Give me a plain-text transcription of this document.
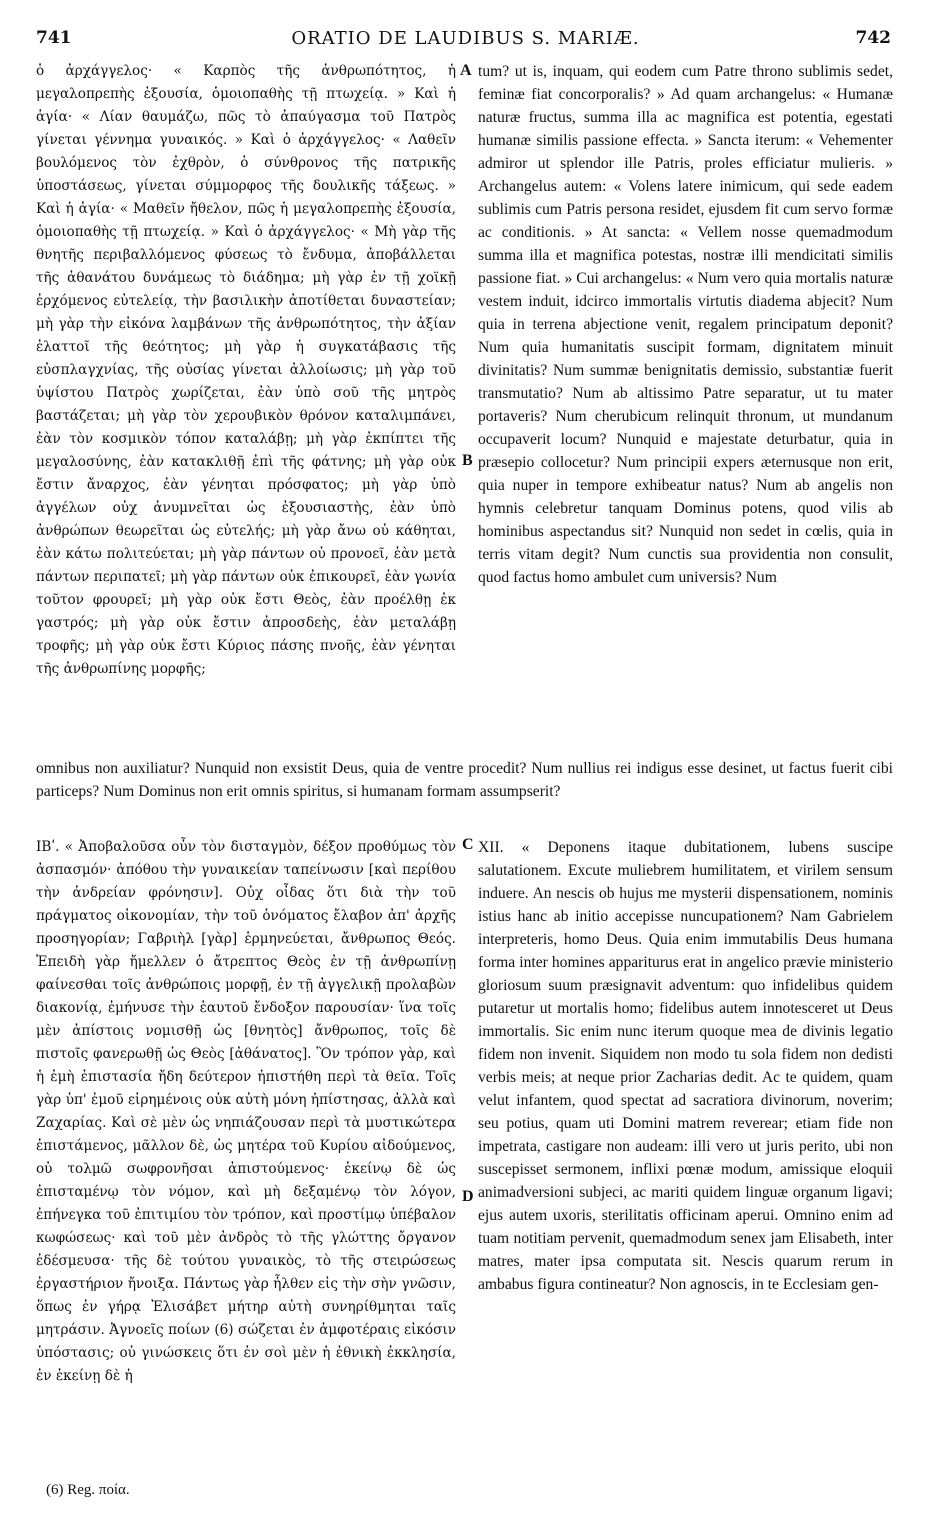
741	ORATIO DE LAUDIBUS S. MARIÆ.	742

ὁ ἀρχάγγελος· « Καρπὸς τῆς ἀνθρωπότητος, ἡ μεγαλοπρεπὴς ἐξουσία, ὁμοιοπαθὴς τῇ πτωχείᾳ. » Καὶ ἡ ἁγία· « Λίαν θαυμάζω, πῶς τὸ ἀπαύγασμα τοῦ Πατρὸς γίνεται γέννημα γυναικός. » Καὶ ὁ ἀρχάγγελος· « Λαθεῖν βουλόμενος τὸν ἐχθρὸν, ὁ σύνθρονος τῆς πατρικῆς ὑποστάσεως, γίνεται σύμμορφος τῆς δουλικῆς τάξεως. » Καὶ ἡ ἁγία· « Μαθεῖν ἤθελον, πῶς ἡ μεγαλοπρεπὴς ἐξουσία, ὁμοιοπαθὴς τῇ πτωχείᾳ. » Καὶ ὁ ἀρχάγγελος· « Μὴ γὰρ τῆς θνητῆς περιβαλλόμενος φύσεως τὸ ἔνδυμα, ἀποβάλλεται τῆς ἀθανάτου δυνάμεως τὸ διάδημα; μὴ γὰρ ἐν τῇ χοϊκῇ ἐρχόμενος εὐτελείᾳ, τὴν βασιλικὴν ἀποτίθεται δυναστείαν; μὴ γὰρ τὴν εἰκόνα λαμβάνων τῆς ἀνθρωπότητος, τὴν ἀξίαν ἐλαττοῖ τῆς θεότητος; μὴ γὰρ ἡ συγκατάβασις τῆς εὐσπλαγχνίας, τῆς οὐσίας γίνεται ἀλλοίωσις; μὴ γὰρ τοῦ ὑψίστου Πατρὸς χωρίζεται, ἐὰν ὑπὸ σοῦ τῆς μητρὸς βαστάζεται; μὴ γὰρ τὸν χερουβικὸν θρόνον καταλιμπάνει, ἐὰν τὸν κοσμικὸν τόπον καταλάβῃ; μὴ γὰρ ἐκπίπτει τῆς μεγαλοσύνης, ἐὰν κατακλιθῇ ἐπὶ τῆς φάτνης; μὴ γὰρ οὐκ ἔστιν ἄναρχος, ἐὰν γένηται πρόσφατος; μὴ γὰρ ὑπὸ ἀγγέλων οὐχ ἀνυμνεῖται ὡς ἐξουσιαστὴς, ἐὰν ὑπὸ ἀνθρώπων θεωρεῖται ὡς εὐτελής; μὴ γὰρ ἄνω οὐ κάθηται, ἐὰν κάτω πολιτεύεται; μὴ γὰρ πάντων οὐ προνοεῖ, ἐὰν μετὰ πάντων περιπατεῖ; μὴ γὰρ πάντων οὐκ ἐπικουρεῖ, ἐὰν γωνία τοῦτον φρουρεῖ; μὴ γὰρ οὐκ ἔστι Θεὸς, ἐὰν προέλθῃ ἐκ γαστρός; μὴ γὰρ οὐκ ἔστιν ἀπροσδεὴς, ἐὰν μεταλάβῃ τροφῆς; μὴ γὰρ οὐκ ἔστι Κύριος πάσης πνοῆς, ἐὰν γένηται τῆς ἀνθρωπίνης μορφῆς;

tum? ut is, inquam, qui eodem cum Patre throno sublimis sedet, feminæ fiat concorporalis? » Ad quam archangelus: « Humanæ naturæ fructus, summa illa ac magnifica est potentia, egestati humanæ similis passione effecta. » Sancta iterum: « Vehementer admiror ut splendor ille Patris, proles efficiatur mulieris. » Archangelus autem: « Volens latere inimicum, qui sede eadem sublimis cum Patris persona residet, ejusdem fit cum servo formæ ac conditionis. » At sancta: « Vellem nosse quemadmodum summa illa et magnifica potestas, nostræ illi mendicitati similis passione fiat. » Cui archangelus: « Num vero quia mortalis naturæ vestem induit, idcirco immortalis virtutis diadema abjecit? Num quia in terrena abjectione venit, regalem principatum deponit? Num quia humanitatis suscipit formam, dignitatem minuit divinitatis? Num summæ benignitatis demissio, substantiæ fuerit transmutatio? Num ab altissimo Patre separatur, ut tu mater portaveris? Num cherubicum relinquit thronum, ut mundanum occupaverit locum? Nunquid e majestate deturbatur, quia in præsepio collocetur? Num principii expers æternusque non erit, quia nuper in tempore exhibeatur natus? Num ab angelis non hymnis celebretur tanquam Dominus potens, quod vilis ab hominibus aspectandus sit? Nunquid non sedet in cœlis, quia in terris vitam degit? Num cunctis sua providentia non consulit, quod factus homo ambulet cum universis? Num

A
B
omnibus non auxiliatur? Nunquid non exsistit Deus, quia de ventre procedit? Num nullius rei indigus esse desinet, ut factus fuerit cibi particeps? Num Dominus non erit omnis spiritus, si humanam formam assumpserit?

ΙΒʹ. « Ἀποβαλοῦσα οὖν τὸν δισταγμὸν, δέξον προθύμως τὸν ἀσπασμόν· ἀπόθου τὴν γυναικείαν ταπείνωσιν [καὶ περίθου τὴν ἀνδρείαν φρόνησιν]. Οὐχ οἶδας ὅτι διὰ τὴν τοῦ πράγματος οἰκονομίαν, τὴν τοῦ ὀνόματος ἔλαβον ἀπ' ἀρχῆς προσηγορίαν; Γαβριὴλ [γὰρ] ἑρμηνεύεται, ἄνθρωπος Θεός. Ἐπειδὴ γὰρ ἤμελλεν ὁ ἄτρεπτος Θεὸς ἐν τῇ ἀνθρωπίνῃ φαίνεσθαι τοῖς ἀνθρώποις μορφῇ, ἐν τῇ ἀγγελικῇ προλαβὼν διακονίᾳ, ἐμήνυσε τὴν ἑαυτοῦ ἔνδοξον παρουσίαν· ἵνα τοῖς μὲν ἀπίστοις νομισθῇ ὡς [θνητὸς] ἄνθρωπος, τοῖς δὲ πιστοῖς φανερωθῇ ὡς Θεὸς [ἀθάνατος]. Ὃν τρόπον γὰρ, καὶ ἡ ἐμὴ ἐπιστασία ἤδη δεύτερον ἠπιστήθη περὶ τὰ θεῖα. Τοῖς γὰρ ὑπ' ἐμοῦ εἰρημένοις οὐκ αὐτὴ μόνη ἠπίστησας, ἀλλὰ καὶ Ζαχαρίας. Καὶ σὲ μὲν ὡς νηπιάζουσαν περὶ τὰ μυστικώτερα ἐπιστάμενος, μᾶλλον δὲ, ὡς μητέρα τοῦ Κυρίου αἰδούμενος, οὐ τολμῶ σωφρονῆσαι ἀπιστούμενος· ἐκείνῳ δὲ ὡς ἐπισταμένῳ τὸν νόμον, καὶ μὴ δεξαμένῳ τὸν λόγον, ἐπήνεγκα τοῦ ἐπιτιμίου τὸν τρόπον, καὶ προστίμῳ ὑπέβαλον κωφώσεως· καὶ τοῦ μὲν ἀνδρὸς τὸ τῆς γλώττης ὄργανον ἐδέσμευσα· τῆς δὲ τούτου γυναικὸς, τὸ τῆς στειρώσεως ἐργαστήριον ἤνοιξα. Πάντως γὰρ ἦλθεν εἰς τὴν σὴν γνῶσιν, ὅπως ἐν γήρᾳ Ἐλισάβετ μήτηρ αὐτὴ συνηρίθμηται ταῖς μητράσιν. Ἀγνοεῖς ποίων (6) σώζεται ἐν ἀμφοτέραις εἰκόσιν ὑπόστασις; οὐ γινώσκεις ὅτι ἐν σοὶ μὲν ἡ ἐθνικὴ ἐκκλησία, ἐν ἐκείνῃ δὲ ἡ

XII. « Deponens itaque dubitationem, lubens suscipe salutationem. Excute muliebrem humilitatem, et virilem sensum induere. An nescis ob hujus me mysterii dispensationem, nominis istius hanc ab initio accepisse nuncupationem? Nam Gabrielem interpreteris, homo Deus. Quia enim immutabilis Deus humana forma inter homines appariturus erat in angelico prævie ministerio gloriosum suum præsignavit adventum: quo infidelibus quidem putaretur ut mortalis homo; fidelibus autem innotesceret ut Deus immortalis. Sic enim nunc iterum quoque mea de divinis legatio fidem non invenit. Siquidem non modo tu sola fidem non dedisti verbis meis; at neque prior Zacharias dedit. Ac te quidem, quam velut infantem, quod spectat ad sacratiora divinorum, noverim; seu potius, quam uti Domini matrem reverear; etiam fide non impetrata, castigare non audeam: illi vero ut juris perito, ubi non suscepisset sermonem, inflixi pœnæ modum, amissique eloquii animadversioni subjeci, ac mariti quidem linguæ organum ligavi; ejus autem uxoris, sterilitatis officinam aperui. Omnino enim ad tuam notitiam pervenit, quemadmodum senex jam Elisabeth, inter matres, mater ipsa computata sit. Nescis quarum rerum in ambabus figura contineatur? Non agnoscis, in te Ecclesiam gen-

C
D
(6) Reg. ποία.
